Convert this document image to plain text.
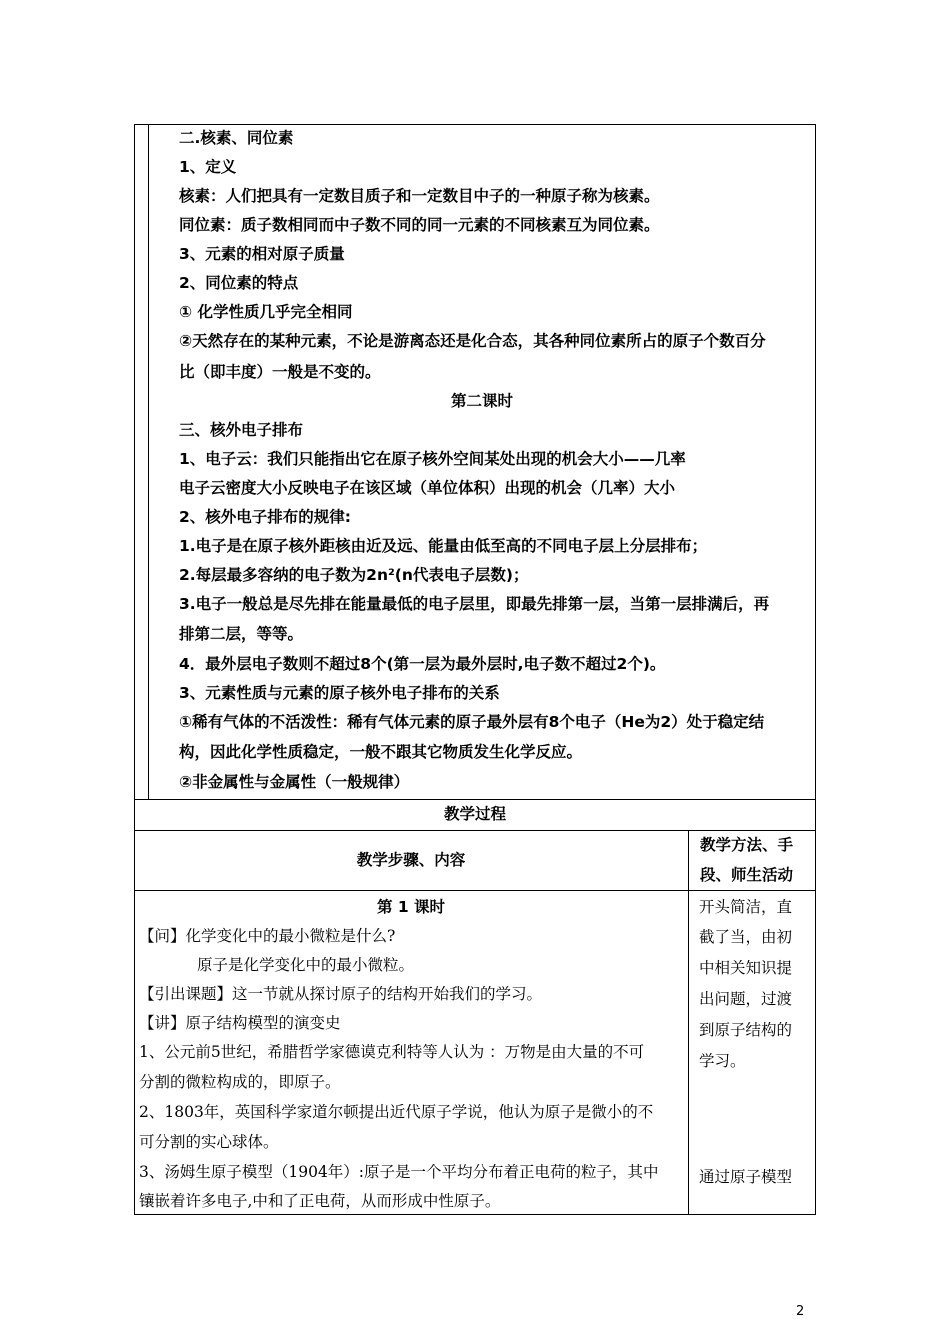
二.核素、同位素
1、定义
核素：人们把具有一定数目质子和一定数目中子的一种原子称为核素。
同位素：质子数相同而中子数不同的同一元素的不同核素互为同位素。
3、元素的相对原子质量
2、同位素的特点
① 化学性质几乎完全相同
②天然存在的某种元素，不论是游离态还是化合态，其各种同位素所占的原子个数百分
比（即丰度）一般是不变的。
第二课时
三、核外电子排布
1、电子云：我们只能指出它在原子核外空间某处出现的机会大小——几率
电子云密度大小反映电子在该区域（单位体积）出现的机会（几率）大小
2、核外电子排布的规律:
1.电子是在原子核外距核由近及远、能量由低至高的不同电子层上分层排布；
2.每层最多容纳的电子数为2n²(n代表电子层数)；
3.电子一般总是尽先排在能量最低的电子层里，即最先排第一层，当第一层排满后，再
排第二层，等等。
4．最外层电子数则不超过8个(第一层为最外层时,电子数不超过2个)。
3、元素性质与元素的原子核外电子排布的关系
①稀有气体的不活泼性：稀有气体元素的原子最外层有8个电子（He为2）处于稳定结
构，因此化学性质稳定，一般不跟其它物质发生化学反应。
②非金属性与金属性（一般规律）
教学过程
教学步骤、内容
教学方法、手
段、师生活动
第 1 课时
【问】化学变化中的最小微粒是什么?
原子是化学变化中的最小微粒。
【引出课题】这一节就从探讨原子的结构开始我们的学习。
【讲】原子结构模型的演变史
1、公元前5世纪，希腊哲学家德谟克利特等人认为 ：万物是由大量的不可
分割的微粒构成的，即原子。
2、1803年，英国科学家道尔顿提出近代原子学说，他认为原子是微小的不
可分割的实心球体。
3、汤姆生原子模型（1904年）:原子是一个平均分布着正电荷的粒子，其中
镶嵌着许多电子,中和了正电荷，从而形成中性原子。
开头简洁，直
截了当，由初
中相关知识提
出问题，过渡
到原子结构的
学习。
通过原子模型
2
